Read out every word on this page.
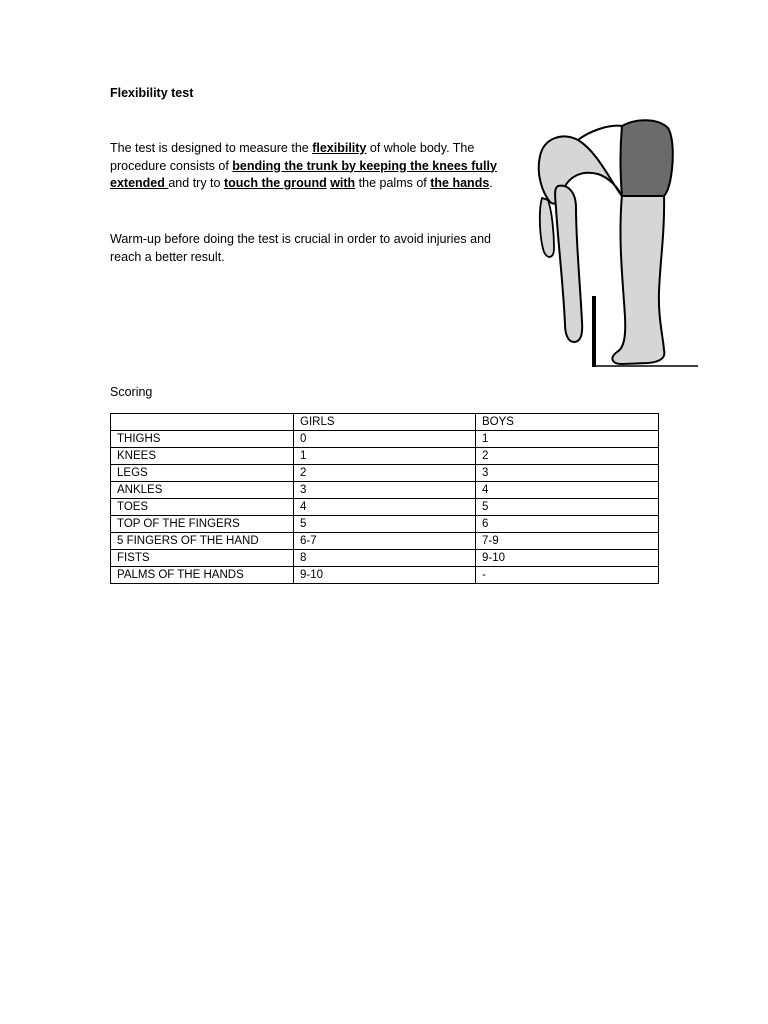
Flexibility test
The test is designed to measure the flexibility of whole body. The procedure consists of bending the trunk by keeping the knees fully extended and try to touch the ground with the palms of the hands.
Warm-up before doing the test is crucial in order to avoid injuries and reach a better result.
Scoring
	GIRLS	BOYS
THIGHS	0	1
KNEES	1	2
LEGS	2	3
ANKLES	3	4
TOES	4	5
TOP OF THE FINGERS	5	6
5 FINGERS OF THE HAND	6-7	7-9
FISTS	8	9-10
PALMS OF THE HANDS	9-10	-
